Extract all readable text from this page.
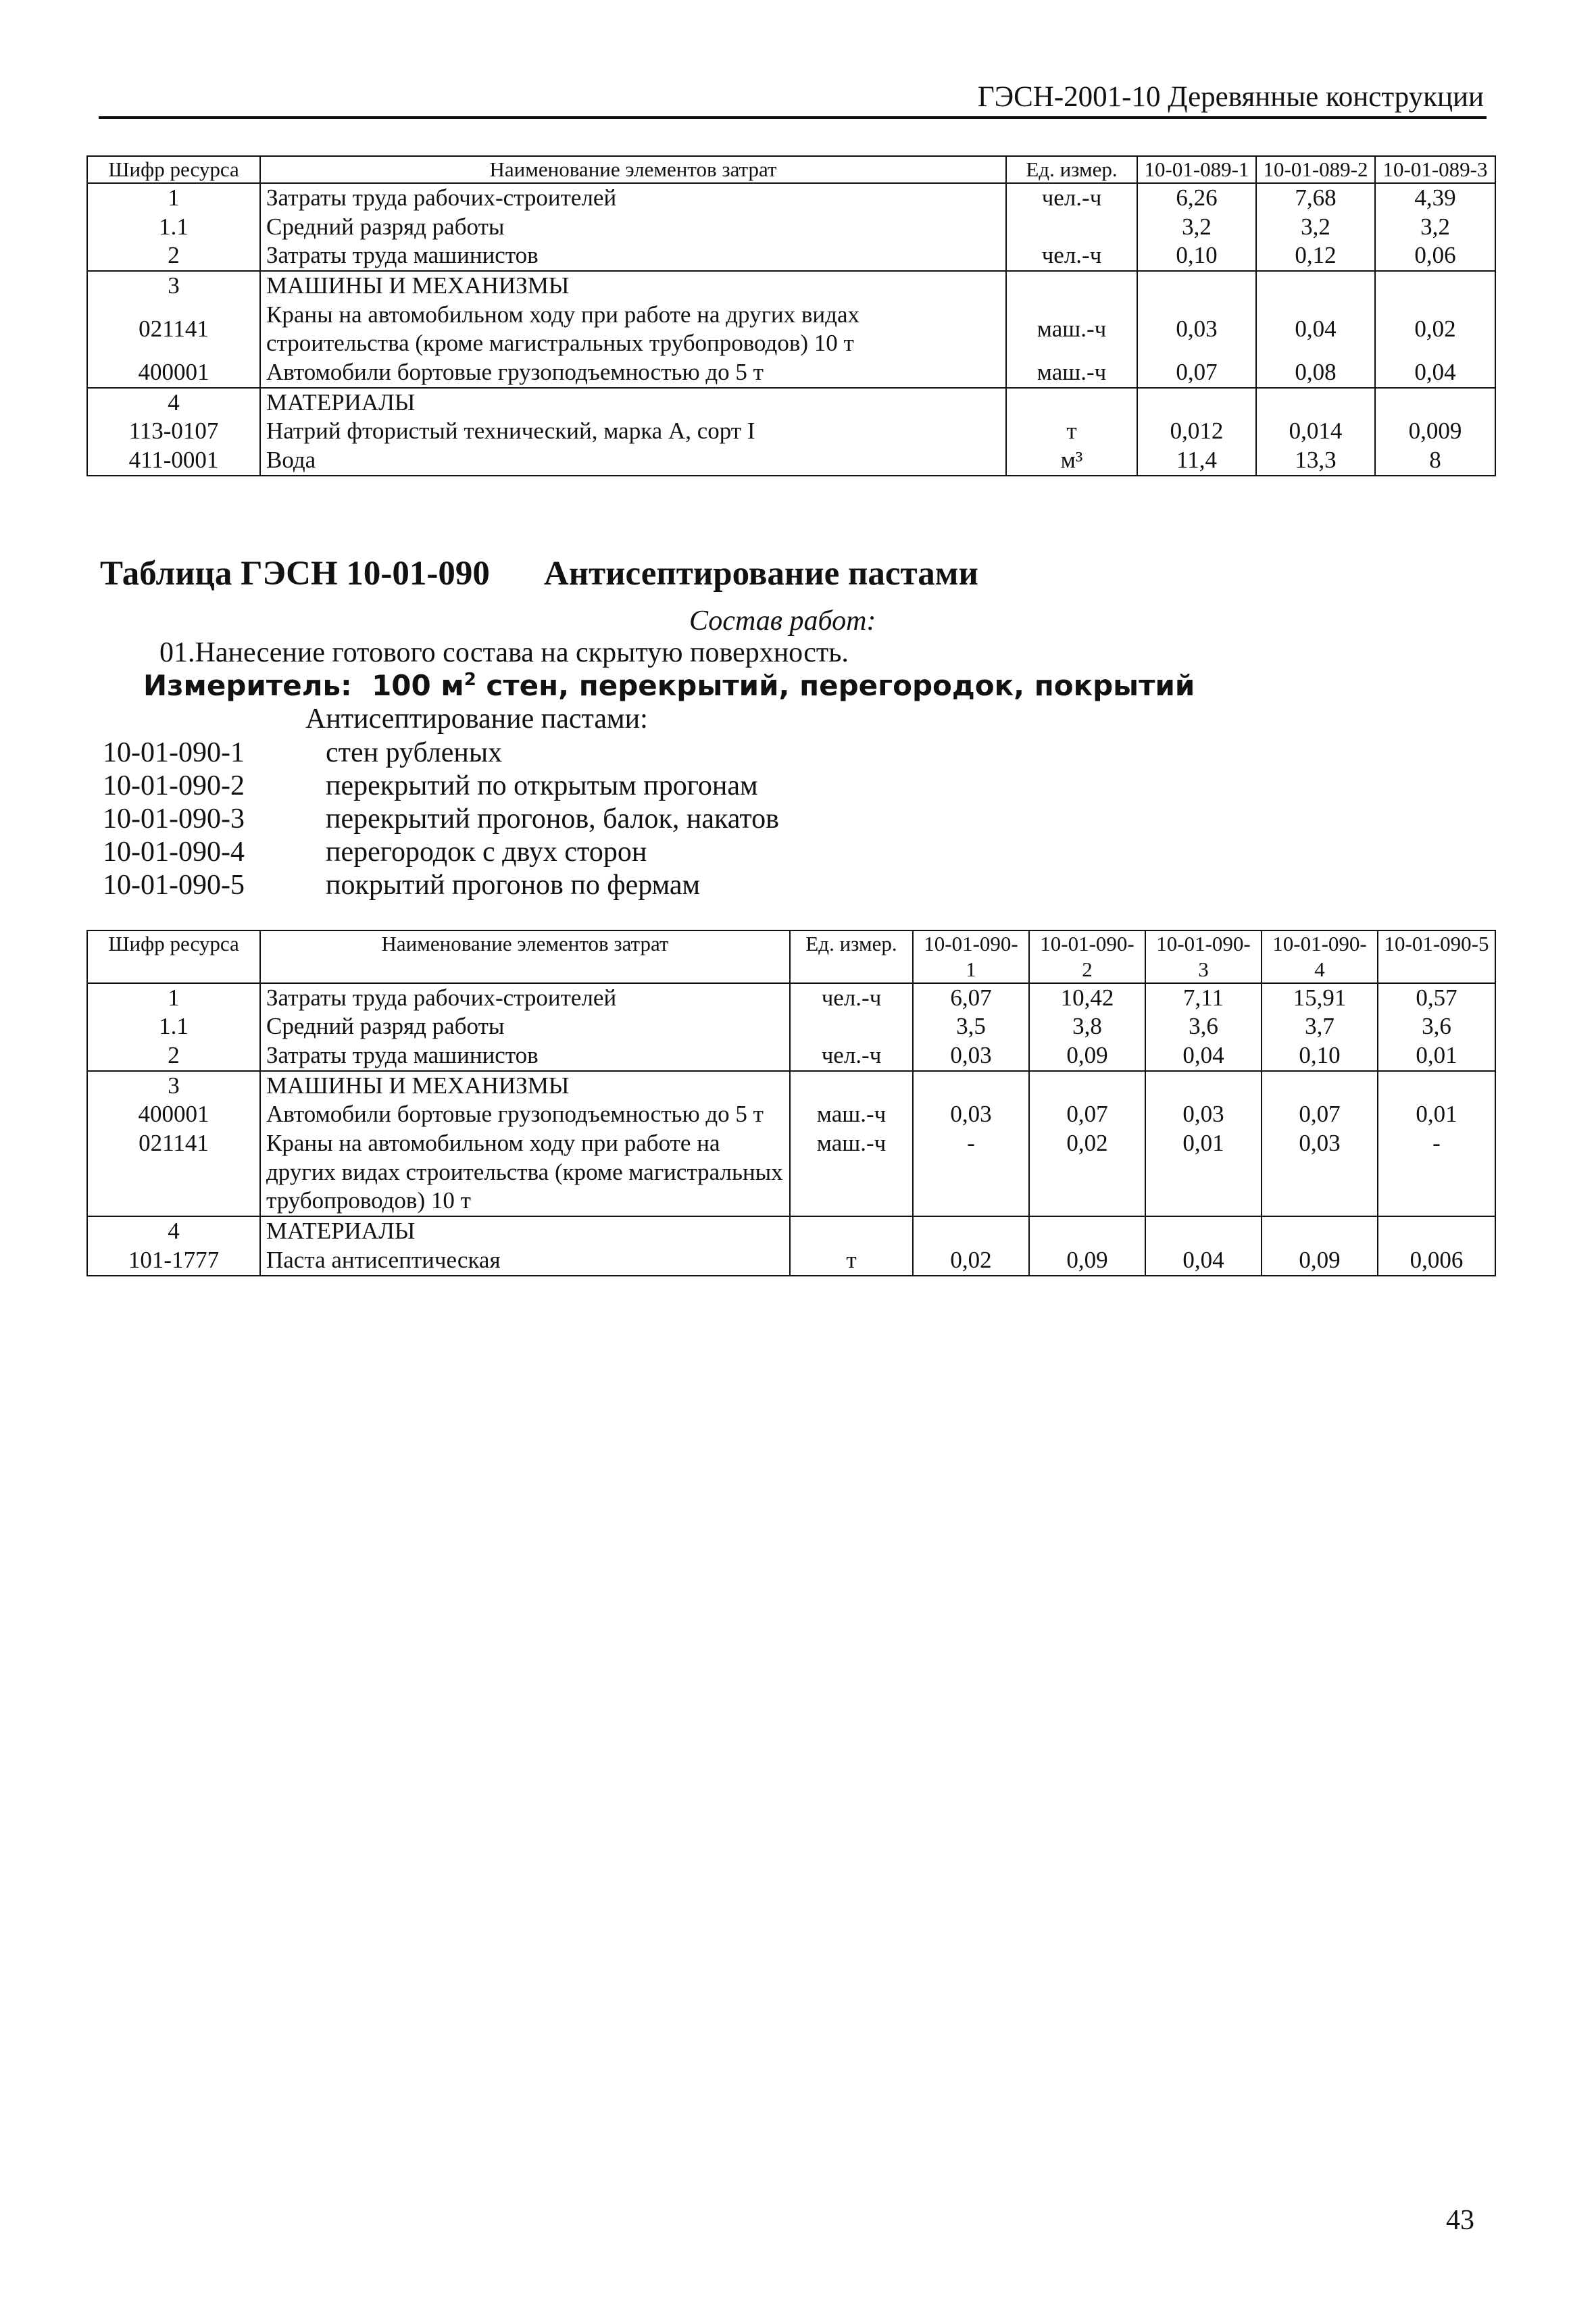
ГЭСН-2001-10 Деревянные конструкции
Шифр ресурса	Наименование элементов затрат	Ед. измер.	10-01-089-1	10-01-089-2	10-01-089-3
1	Затраты труда рабочих-строителей	чел.-ч	6,26	7,68	4,39
1.1	Средний разряд работы		3,2	3,2	3,2
2	Затраты труда машинистов	чел.-ч	0,10	0,12	0,06
3	МАШИНЫ И МЕХАНИЗМЫ				
021141	Краны на автомобильном ходу при работе на других видах строительства (кроме магистральных трубопроводов) 10 т	маш.-ч	0,03	0,04	0,02
400001	Автомобили бортовые грузоподъемностью до 5 т	маш.-ч	0,07	0,08	0,04
4	МАТЕРИАЛЫ				
113-0107	Натрий фтористый технический, марка А, сорт I	т	0,012	0,014	0,009
411-0001	Вода	м³	11,4	13,3	8
Таблица ГЭСН 10-01-090 Антисептирование пастами
Состав работ:
01.Нанесение готового состава на скрытую поверхность.
Измеритель: 100 $м^2$ стен, перекрытий, перегородок, покрытий
Антисептирование пастами:
10-01-090-1	стен рубленых
10-01-090-2	перекрытий по открытым прогонам
10-01-090-3	перекрытий прогонов, балок, накатов
10-01-090-4	перегородок с двух сторон
10-01-090-5	покрытий прогонов по фермам
Шифр ресурса	Наименование элементов затрат	Ед. измер.	10-01-090-1	10-01-090-2	10-01-090-3	10-01-090-4	10-01-090-5
1	Затраты труда рабочих-строителей	чел.-ч	6,07	10,42	7,11	15,91	0,57
1.1	Средний разряд работы		3,5	3,8	3,6	3,7	3,6
2	Затраты труда машинистов	чел.-ч	0,03	0,09	0,04	0,10	0,01
3	МАШИНЫ И МЕХАНИЗМЫ						
400001	Автомобили бортовые грузоподъемностью до 5 т	маш.-ч	0,03	0,07	0,03	0,07	0,01
021141	Краны на автомобильном ходу при работе на других видах строительства (кроме магистральных трубопроводов) 10 т	маш.-ч	-	0,02	0,01	0,03	-
4	МАТЕРИАЛЫ						
101-1777	Паста антисептическая	т	0,02	0,09	0,04	0,09	0,006
43
